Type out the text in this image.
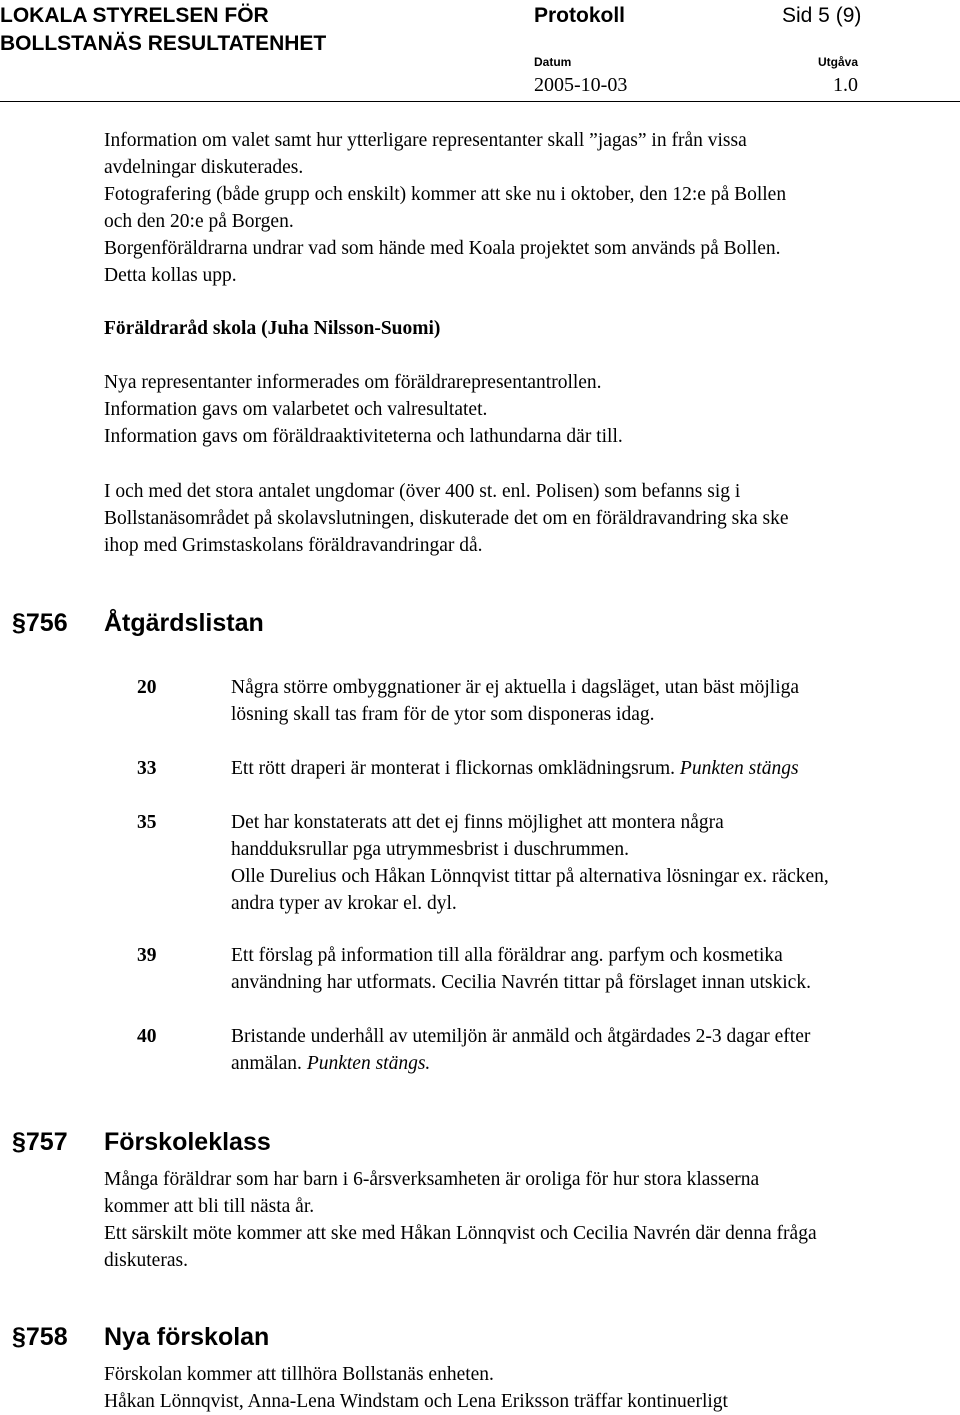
LOKALA STYRELSEN FÖR
BOLLSTANÄS RESULTATENHET
Protokoll	Sid 5 (9)
Datum
2005-10-03
Utgåva
1.0
Information om valet samt hur ytterligare representanter skall ”jagas” in från vissa
avdelningar diskuterades.
Fotografering (både grupp och enskilt) kommer att ske nu i oktober, den 12:e på Bollen
och den 20:e på Borgen.
Borgenföräldrarna undrar vad som hände med Koala projektet som används på Bollen.
Detta kollas upp.
Föräldraråd skola (Juha Nilsson-Suomi)
Nya representanter informerades om föräldrarepresentantrollen.
Information gavs om valarbetet och valresultatet.
Information gavs om föräldraaktiviteterna och lathundarna där till.
I och med det stora antalet ungdomar (över 400 st. enl. Polisen) som befanns sig i
Bollstanäsområdet på skolavslutningen, diskuterade det om en föräldravandring ska ske
ihop med Grimstaskolans föräldravandringar då.
§756 Åtgärdslistan
20	Några större ombyggnationer är ej aktuella i dagsläget, utan bäst möjliga
lösning skall tas fram för de ytor som disponeras idag.
33	Ett rött draperi är monterat i flickornas omklädningsrum. Punkten stängs
35	Det har konstaterats att det ej finns möjlighet att montera några
handduksrullar pga utrymmesbrist i duschrummen.
Olle Durelius och Håkan Lönnqvist tittar på alternativa lösningar ex. räcken,
andra typer av krokar el. dyl.
39	Ett förslag på information till alla föräldrar ang. parfym och kosmetika
användning har utformats. Cecilia Navrén tittar på förslaget innan utskick.
40	Bristande underhåll av utemiljön är anmäld och åtgärdades 2-3 dagar efter
anmälan. Punkten stängs.
§757 Förskoleklass
Många föräldrar som har barn i 6-årsverksamheten är oroliga för hur stora klasserna
kommer att bli till nästa år.
Ett särskilt möte kommer att ske med Håkan Lönnqvist och Cecilia Navrén där denna fråga
diskuteras.
§758 Nya förskolan
Förskolan kommer att tillhöra Bollstanäs enheten.
Håkan Lönnqvist, Anna-Lena Windstam och Lena Eriksson träffar kontinuerligt
